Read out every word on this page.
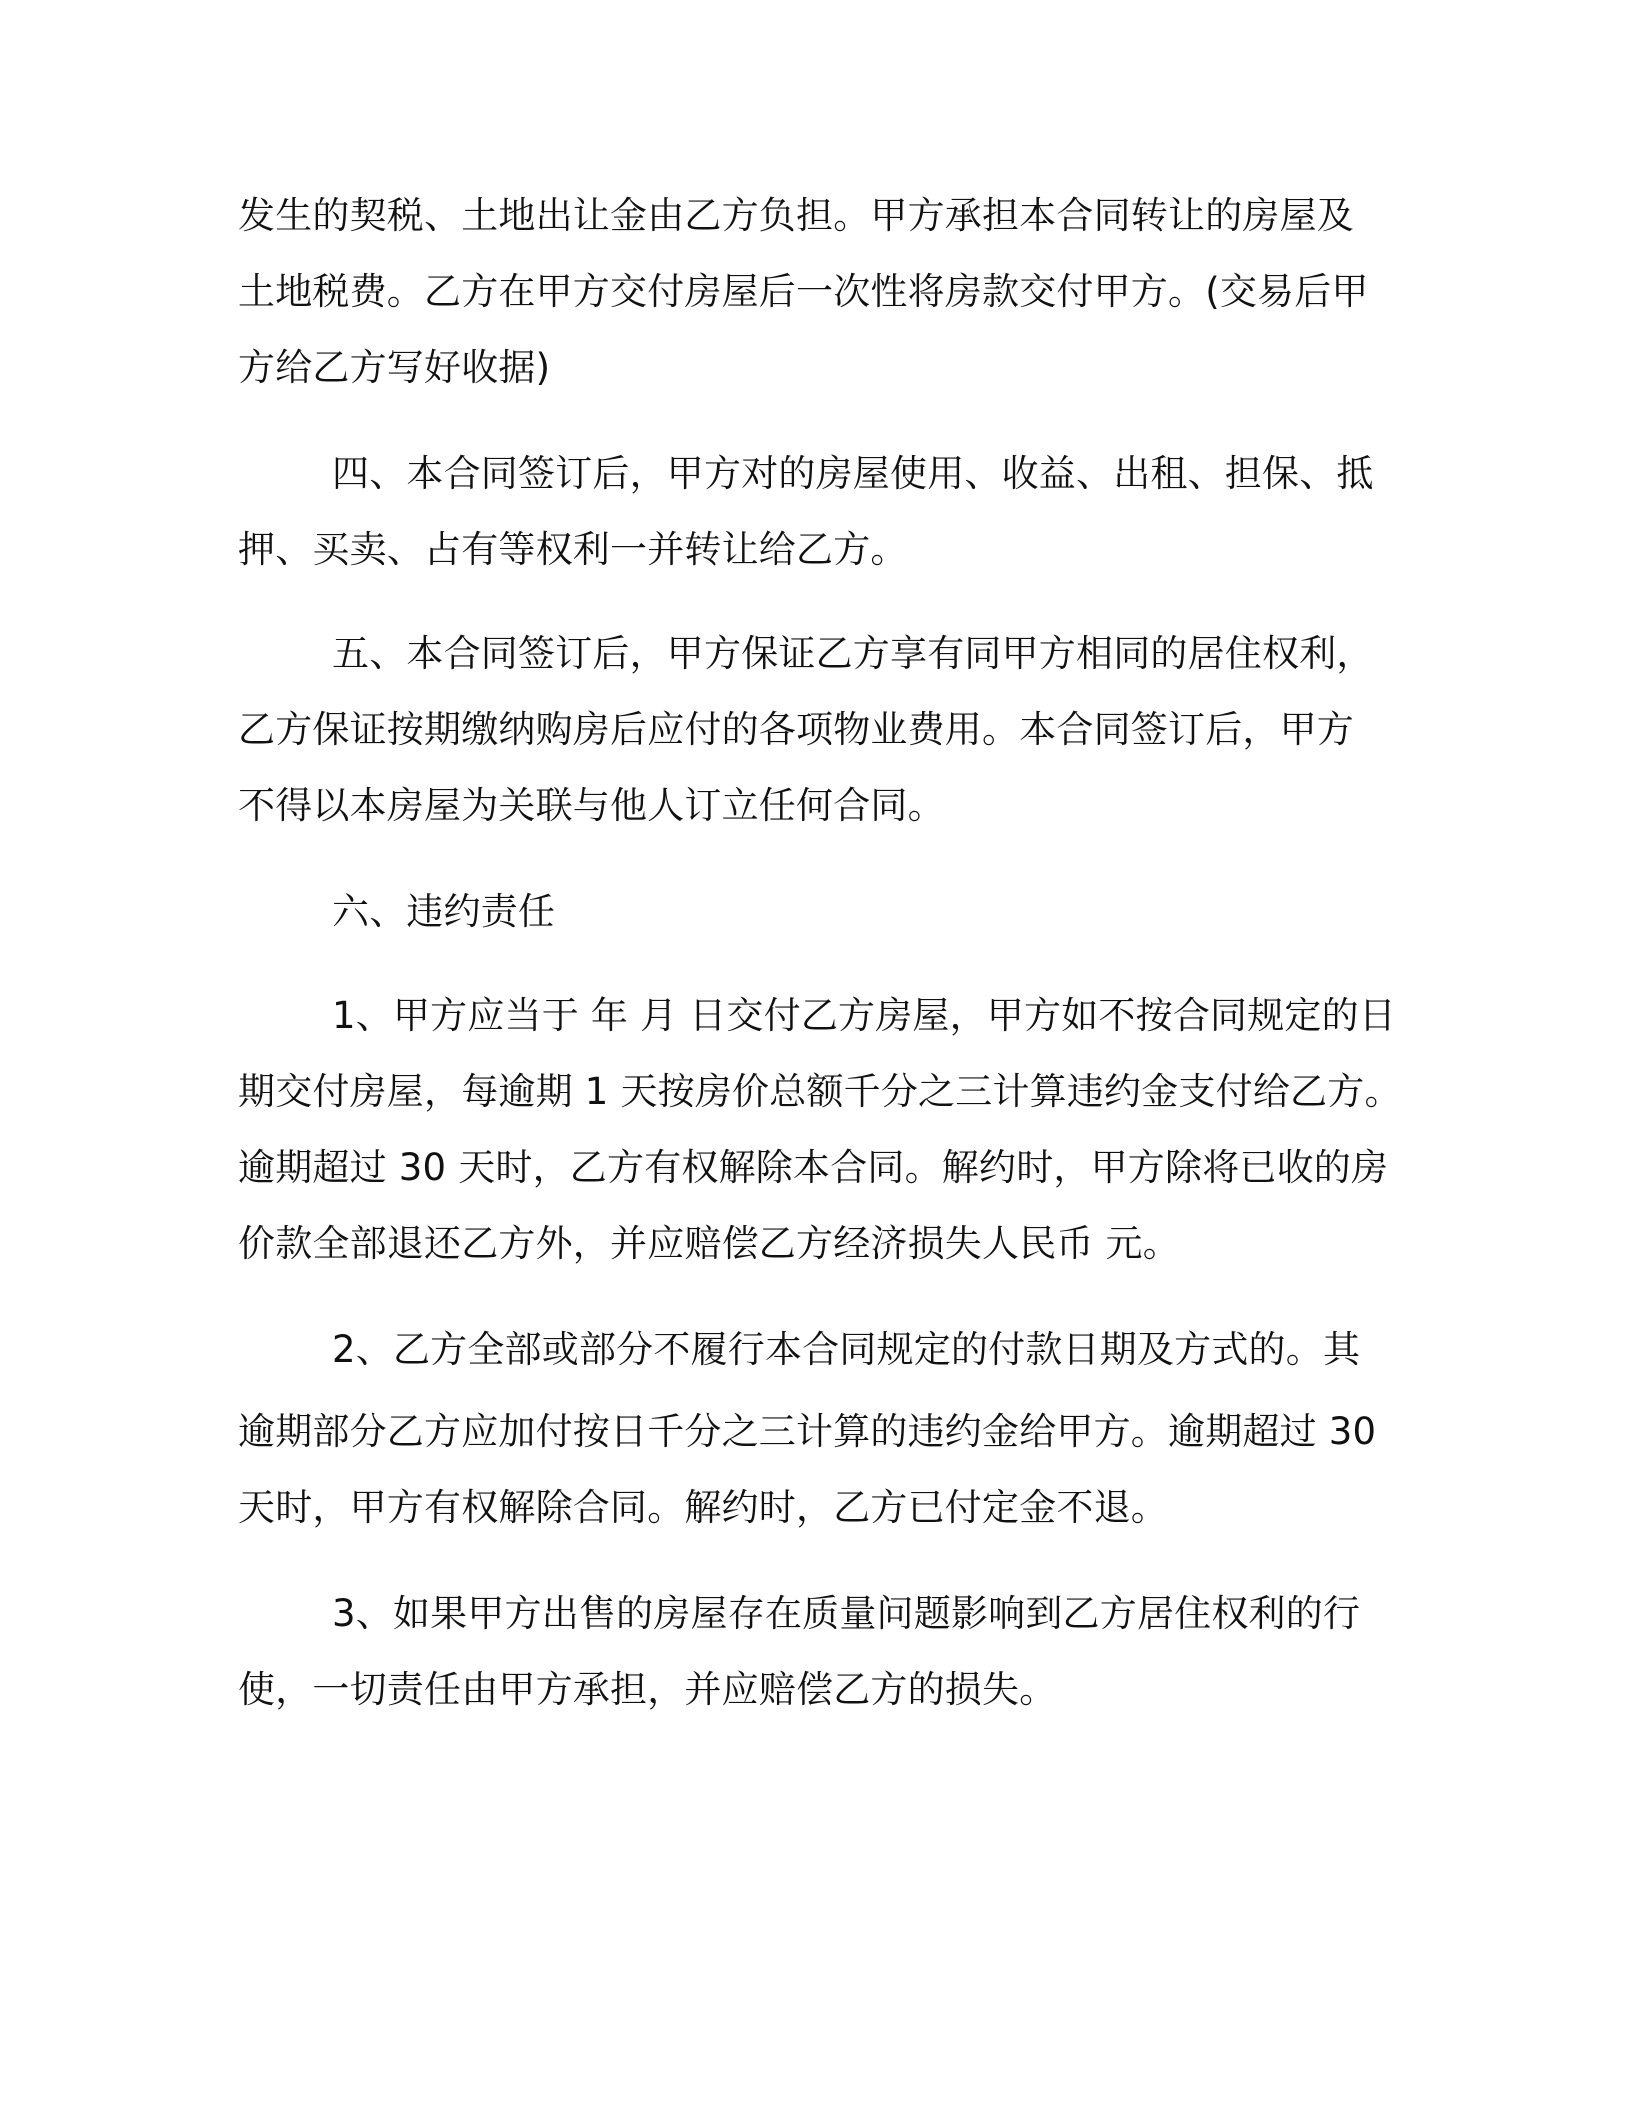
发生的契税、土地出让金由乙方负担。甲方承担本合同转让的房屋及
土地税费。乙方在甲方交付房屋后一次性将房款交付甲方。(交易后甲
方给乙方写好收据)
四、本合同签订后，甲方对的房屋使用、收益、出租、担保、抵
押、买卖、占有等权利一并转让给乙方。
五、本合同签订后，甲方保证乙方享有同甲方相同的居住权利，
乙方保证按期缴纳购房后应付的各项物业费用。本合同签订后，甲方
不得以本房屋为关联与他人订立任何合同。
六、违约责任
1、甲方应当于 年 月 日交付乙方房屋，甲方如不按合同规定的日
期交付房屋，每逾期 1 天按房价总额千分之三计算违约金支付给乙方。
逾期超过 30 天时，乙方有权解除本合同。解约时，甲方除将已收的房
价款全部退还乙方外，并应赔偿乙方经济损失人民币 元。
2、乙方全部或部分不履行本合同规定的付款日期及方式的。其
逾期部分乙方应加付按日千分之三计算的违约金给甲方。逾期超过 30
天时，甲方有权解除合同。解约时，乙方已付定金不退。
3、如果甲方出售的房屋存在质量问题影响到乙方居住权利的行
使，一切责任由甲方承担，并应赔偿乙方的损失。
